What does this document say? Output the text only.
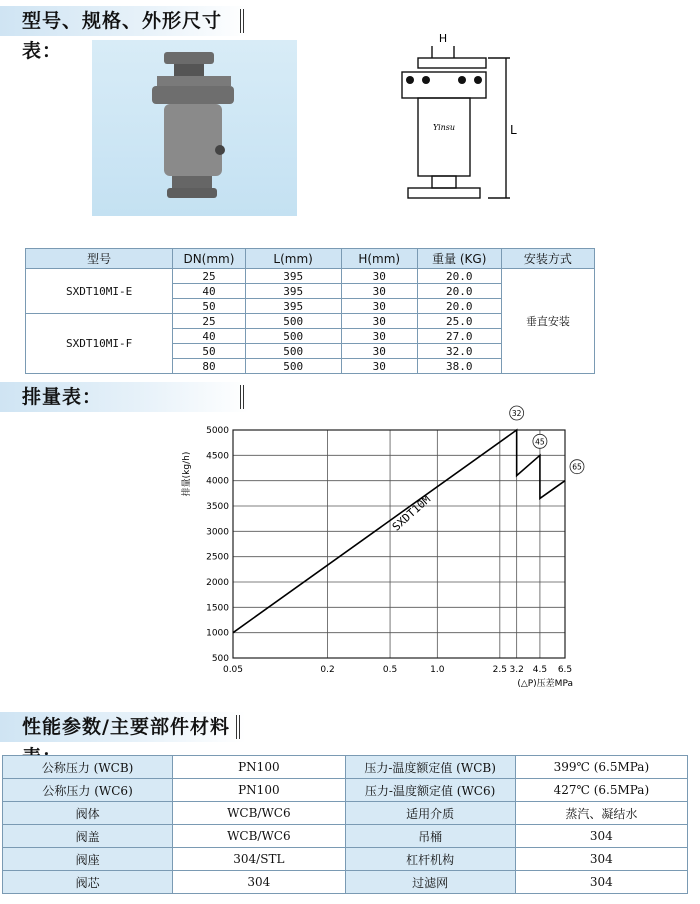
型号、规格、外形尺寸表：
H
L
Yinsu
型号	DN(mm)	L(mm)	H(mm)	重量 (KG)	安装方式
SXDT10MI-E	25	395	30	20.0	垂直安装
	40	395	30	20.0	
	50	395	30	20.0	
SXDT10MI-F	25	500	30	25.0	
	40	500	30	27.0	
	50	500	30	32.0	
	80	500	30	38.0	
排量表：
500
1000
1500
2000
2500
3000
3500
4000
4500
5000
0.05	0.2	0.5	1.0	2.5 3.2 4.5 6.5
32
45
65
SXDT10M
排量(kg/h)
(△P)压差MPa
性能参数/主要部件材料
公称压力 (WCB)	PN100	压力-温度额定值 (WCB)	399℃ (6.5MPa)
公称压力 (WC6)	PN100	压力-温度额定值 (WC6)	427℃ (6.5MPa)
阀体	WCB/WC6	适用介质	蒸汽、凝结水
阀盖	WCB/WC6	吊桶	304
阀座	304/STL	杠杆机构	304
阀芯	304	过滤网	304
